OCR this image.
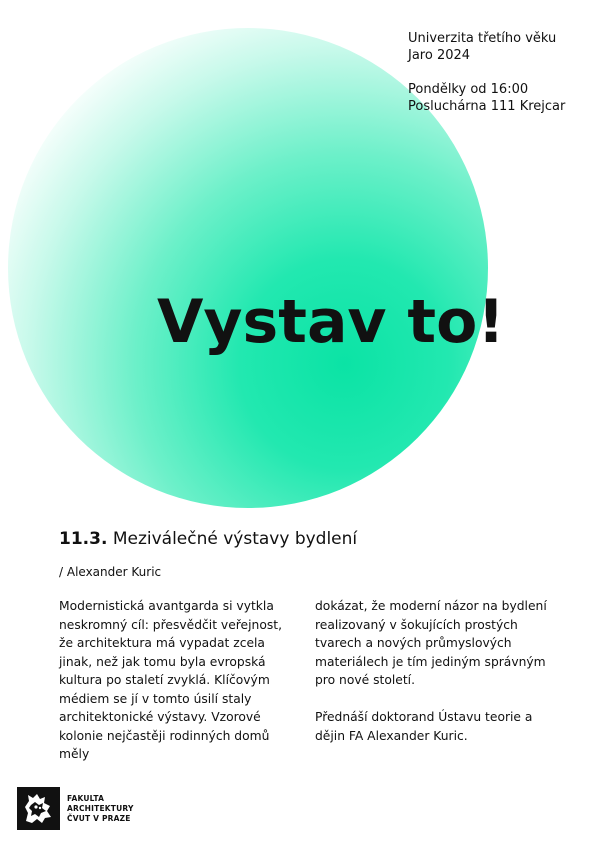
Univerzita třetího věku
Jaro 2024
Pondělky od 16:00
Posluchárna 111 Krejcar
Vystav to!
11.3. Meziválečné výstavy bydlení
/ Alexander Kuric

Modernistická avantgarda si vytkla neskromný cíl: přesvědčit veřejnost, že architektura má vypadat zcela jinak, než jak tomu byla evropská kultura po staletí zvyklá. Klíčovým médiem se jí v tomto úsilí staly architektonické výstavy. Vzorové kolonie nejčastěji rodinných domů měly

dokázat, že moderní názor na bydlení realizovaný v šokujících prostých tvarech a nových průmyslových materiálech je tím jediným správným pro nové století.

Přednáší doktorand Ústavu teorie a dějin FA Alexander Kuric.

FAKULTA
ARCHITEKTURY
ČVUT V PRAZE
